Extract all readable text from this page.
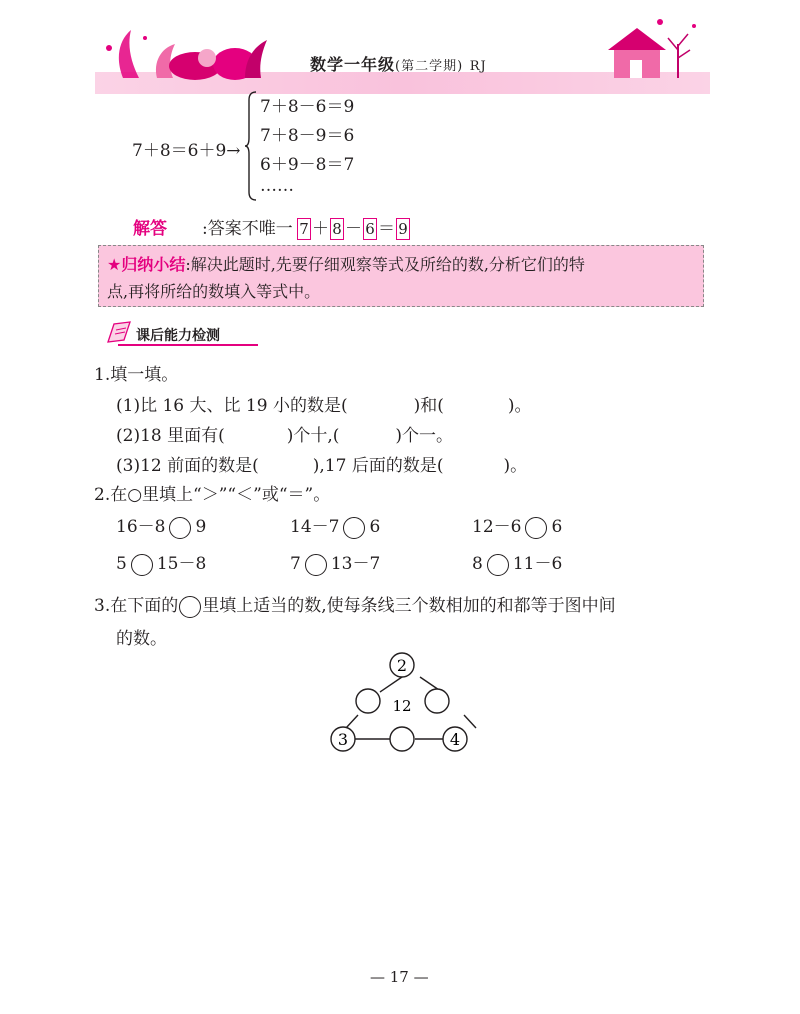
数学一年级(第二学期) RJ
7＋8＝6＋9→
7＋8－6＝9
7＋8－9＝6
6＋9－8＝7
……
解答 :答案不唯一 7 ＋ 8 － 6 ＝ 9
★归纳小结:解决此题时,先要仔细观察等式及所给的数,分析它们的特
点,再将所给的数填入等式中。
课后能力检测
1.填一填。
(1)比 16 大、比 19 小的数是(	)和(	)。
(2)18 里面有(	)个十,(	)个一。
(3)12 前面的数是(	),17 后面的数是(	)。
2.在○里填上“＞”“＜”或“＝”。
16－8 9	14－7 6	12－6 6
5 15－8	7 13－7	8 11－6
3.在下面的 里填上适当的数,使每条线三个数相加的和都等于图中间
的数。
2
12
3	4
— 17 —
